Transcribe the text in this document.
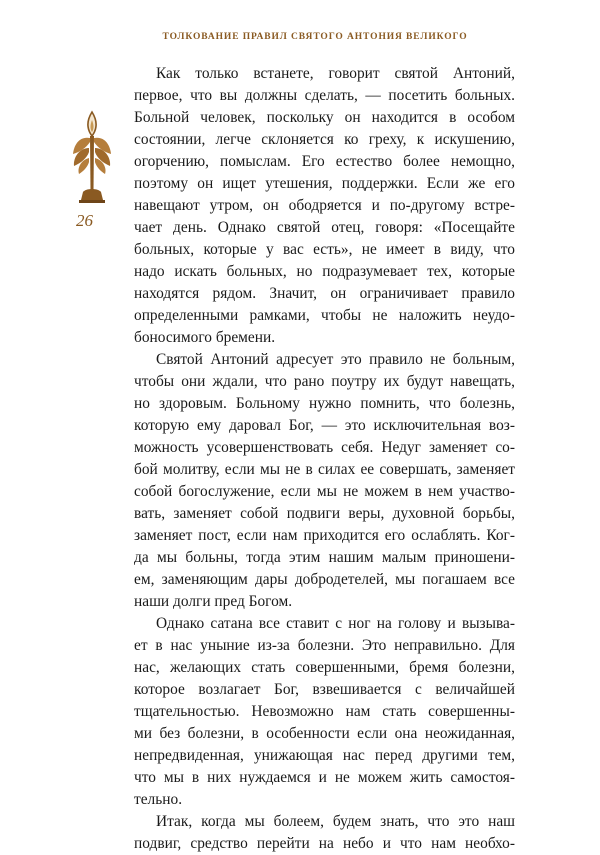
ТОЛКОВАНИЕ ПРАВИЛ СВЯТОГО АНТОНИЯ ВЕЛИКОГО
26
Как только встанете, говорит святой Антоний,
первое, что вы должны сделать, — посетить больных.
Больной человек, поскольку он находится в особом
состоянии, легче склоняется ко греху, к искушению,
огорчению, помыслам. Его естество более немощно,
поэтому он ищет утешения, поддержки. Если же его
навещают утром, он ободряется и по-другому встре-
чает день. Однако святой отец, говоря: «Посещайте
больных, которые у вас есть», не имеет в виду, что
надо искать больных, но подразумевает тех, которые
находятся рядом. Значит, он ограничивает правило
определенными рамками, чтобы не наложить неудо-
боносимого бремени.
Святой Антоний адресует это правило не больным,
чтобы они ждали, что рано поутру их будут навещать,
но здоровым. Больному нужно помнить, что болезнь,
которую ему даровал Бог, — это исключительная воз-
можность усовершенствовать себя. Недуг заменяет со-
бой молитву, если мы не в силах ее совершать, заменяет
собой богослужение, если мы не можем в нем участво-
вать, заменяет собой подвиги веры, духовной борьбы,
заменяет пост, если нам приходится его ослаблять. Ког-
да мы больны, тогда этим нашим малым приношени-
ем, заменяющим дары добродетелей, мы погашаем все
наши долги пред Богом.
Однако сатана все ставит с ног на голову и вызыва-
ет в нас уныние из-за болезни. Это неправильно. Для
нас, желающих стать совершенными, бремя болезни,
которое возлагает Бог, взвешивается с величайшей
тщательностью. Невозможно нам стать совершенны-
ми без болезни, в особенности если она неожиданная,
непредвиденная, унижающая нас перед другими тем,
что мы в них нуждаемся и не можем жить самостоя-
тельно.
Итак, когда мы болеем, будем знать, что это наш
подвиг, средство перейти на небо и что нам необхо-
